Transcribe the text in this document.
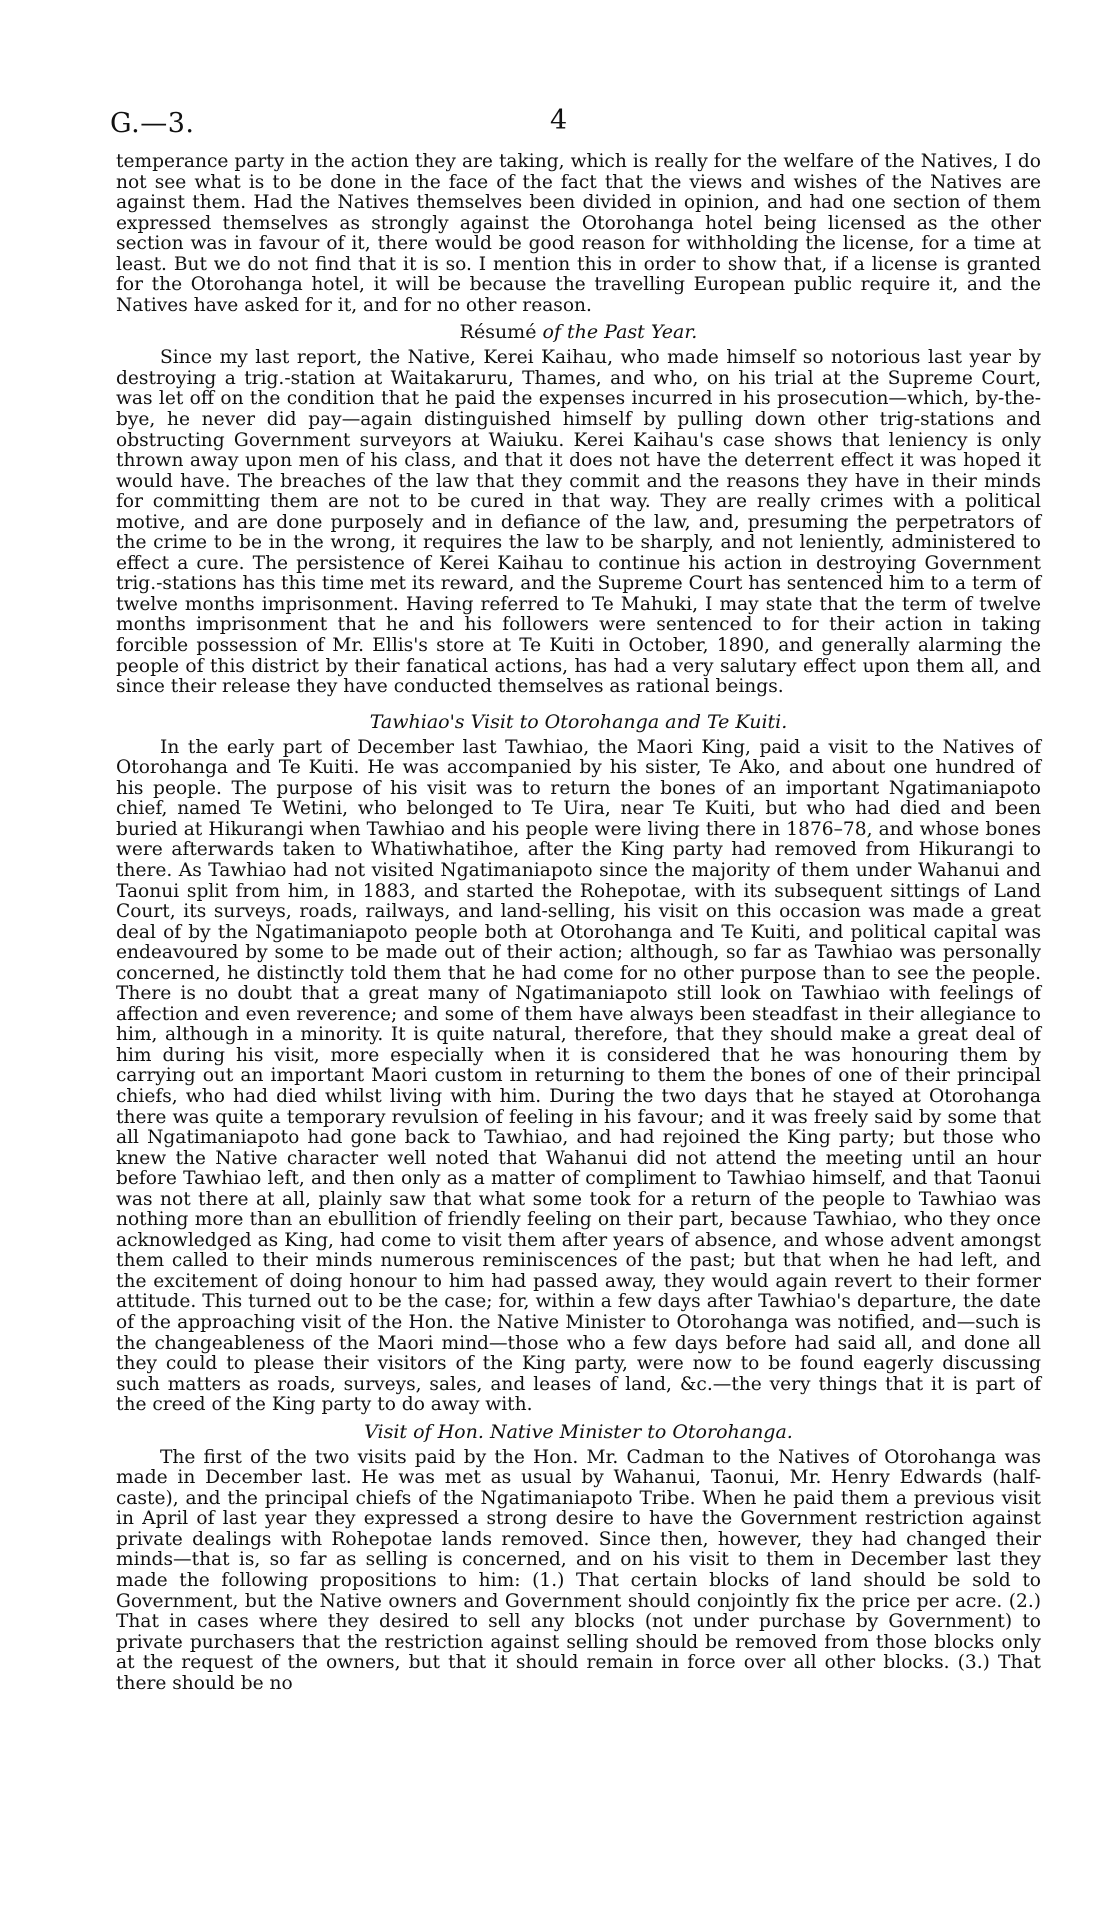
G.—3.	4

temperance party in the action they are taking, which is really for the welfare of the Natives, I do not see what is to be done in the face of the fact that the views and wishes of the Natives are against them. Had the Natives themselves been divided in opinion, and had one section of them expressed themselves as strongly against the Otorohanga hotel being licensed as the other section was in favour of it, there would be good reason for withholding the license, for a time at least. But we do not find that it is so. I mention this in order to show that, if a license is granted for the Otorohanga hotel, it will be because the travelling European public require it, and the Natives have asked for it, and for no other reason.

Résumé of the Past Year.

Since my last report, the Native, Kerei Kaihau, who made himself so notorious last year by destroying a trig.-station at Waitakaruru, Thames, and who, on his trial at the Supreme Court, was let off on the condition that he paid the expenses incurred in his prosecution—which, by-the-bye, he never did pay—again distinguished himself by pulling down other trig-stations and obstructing Government surveyors at Waiuku. Kerei Kaihau's case shows that leniency is only thrown away upon men of his class, and that it does not have the deterrent effect it was hoped it would have. The breaches of the law that they commit and the reasons they have in their minds for committing them are not to be cured in that way. They are really crimes with a political motive, and are done purposely and in defiance of the law, and, presuming the perpetrators of the crime to be in the wrong, it requires the law to be sharply, and not leniently, administered to effect a cure. The persistence of Kerei Kaihau to continue his action in destroying Government trig.-stations has this time met its reward, and the Supreme Court has sentenced him to a term of twelve months imprisonment. Having referred to Te Mahuki, I may state that the term of twelve months imprisonment that he and his followers were sentenced to for their action in taking forcible possession of Mr. Ellis's store at Te Kuiti in October, 1890, and generally alarming the people of this district by their fanatical actions, has had a very salutary effect upon them all, and since their release they have conducted themselves as rational beings.

Tawhiao's Visit to Otorohanga and Te Kuiti.

In the early part of December last Tawhiao, the Maori King, paid a visit to the Natives of Otorohanga and Te Kuiti. He was accompanied by his sister, Te Ako, and about one hundred of his people. The purpose of his visit was to return the bones of an important Ngatimaniapoto chief, named Te Wetini, who belonged to Te Uira, near Te Kuiti, but who had died and been buried at Hikurangi when Tawhiao and his people were living there in 1876–78, and whose bones were afterwards taken to Whatiwhatihoe, after the King party had removed from Hikurangi to there. As Tawhiao had not visited Ngatimaniapoto since the majority of them under Wahanui and Taonui split from him, in 1883, and started the Rohepotae, with its subsequent sittings of Land Court, its surveys, roads, railways, and land-selling, his visit on this occasion was made a great deal of by the Ngatimaniapoto people both at Otorohanga and Te Kuiti, and political capital was endeavoured by some to be made out of their action; although, so far as Tawhiao was personally concerned, he distinctly told them that he had come for no other purpose than to see the people. There is no doubt that a great many of Ngatimaniapoto still look on Tawhiao with feelings of affection and even reverence; and some of them have always been steadfast in their allegiance to him, although in a minority. It is quite natural, therefore, that they should make a great deal of him during his visit, more especially when it is considered that he was honouring them by carrying out an important Maori custom in returning to them the bones of one of their principal chiefs, who had died whilst living with him. During the two days that he stayed at Otorohanga there was quite a temporary revulsion of feeling in his favour; and it was freely said by some that all Ngatimaniapoto had gone back to Tawhiao, and had rejoined the King party; but those who knew the Native character well noted that Wahanui did not attend the meeting until an hour before Tawhiao left, and then only as a matter of compliment to Tawhiao himself, and that Taonui was not there at all, plainly saw that what some took for a return of the people to Tawhiao was nothing more than an ebullition of friendly feeling on their part, because Tawhiao, who they once acknowledged as King, had come to visit them after years of absence, and whose advent amongst them called to their minds numerous reminiscences of the past; but that when he had left, and the excitement of doing honour to him had passed away, they would again revert to their former attitude. This turned out to be the case; for, within a few days after Tawhiao's departure, the date of the approaching visit of the Hon. the Native Minister to Otorohanga was notified, and—such is the changeableness of the Maori mind—those who a few days before had said all, and done all they could to please their visitors of the King party, were now to be found eagerly discussing such matters as roads, surveys, sales, and leases of land, &c.—the very things that it is part of the creed of the King party to do away with.

Visit of Hon. Native Minister to Otorohanga.

The first of the two visits paid by the Hon. Mr. Cadman to the Natives of Otorohanga was made in December last. He was met as usual by Wahanui, Taonui, Mr. Henry Edwards (half-caste), and the principal chiefs of the Ngatimaniapoto Tribe. When he paid them a previous visit in April of last year they expressed a strong desire to have the Government restriction against private dealings with Rohepotae lands removed. Since then, however, they had changed their minds—that is, so far as selling is concerned, and on his visit to them in December last they made the following propositions to him: (1.) That certain blocks of land should be sold to Government, but the Native owners and Government should conjointly fix the price per acre. (2.) That in cases where they desired to sell any blocks (not under purchase by Government) to private purchasers that the restriction against selling should be removed from those blocks only at the request of the owners, but that it should remain in force over all other blocks. (3.) That there should be no
